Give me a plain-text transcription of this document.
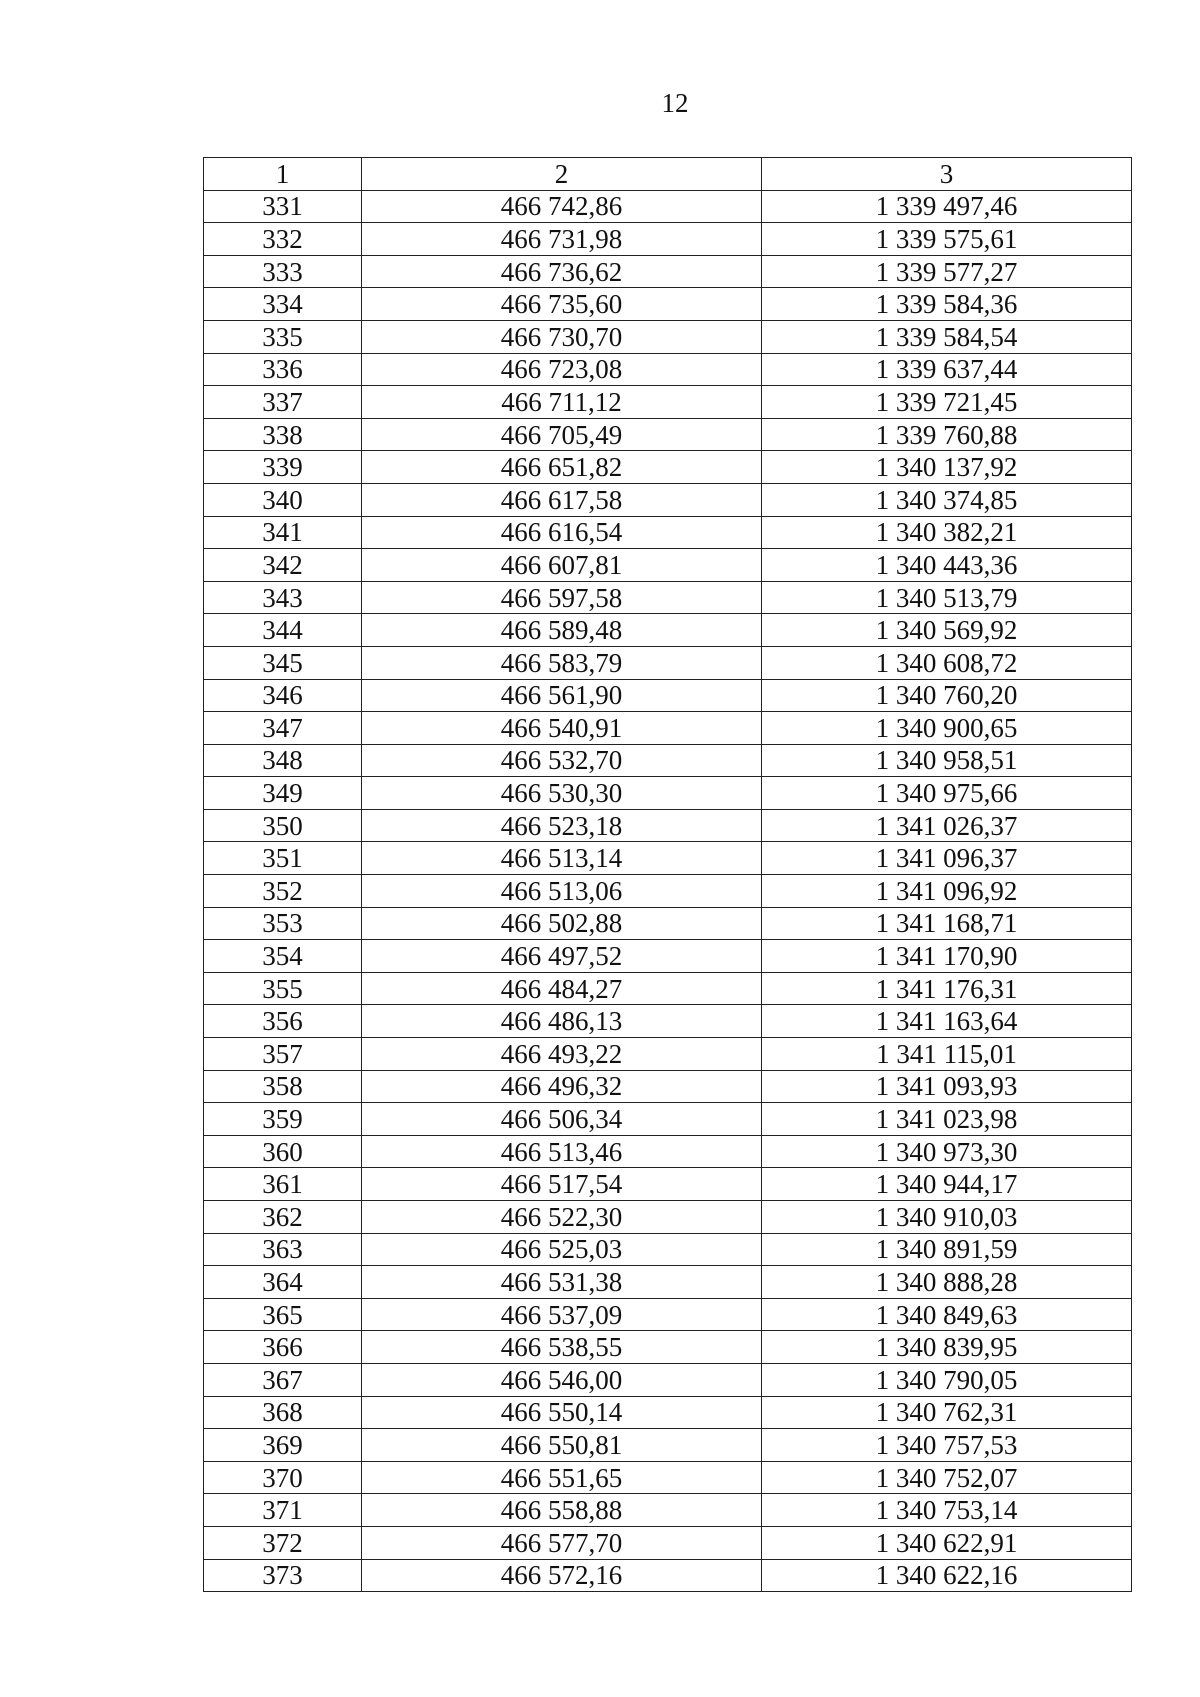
12
1	2	3
331	466 742,86	1 339 497,46
332	466 731,98	1 339 575,61
333	466 736,62	1 339 577,27
334	466 735,60	1 339 584,36
335	466 730,70	1 339 584,54
336	466 723,08	1 339 637,44
337	466 711,12	1 339 721,45
338	466 705,49	1 339 760,88
339	466 651,82	1 340 137,92
340	466 617,58	1 340 374,85
341	466 616,54	1 340 382,21
342	466 607,81	1 340 443,36
343	466 597,58	1 340 513,79
344	466 589,48	1 340 569,92
345	466 583,79	1 340 608,72
346	466 561,90	1 340 760,20
347	466 540,91	1 340 900,65
348	466 532,70	1 340 958,51
349	466 530,30	1 340 975,66
350	466 523,18	1 341 026,37
351	466 513,14	1 341 096,37
352	466 513,06	1 341 096,92
353	466 502,88	1 341 168,71
354	466 497,52	1 341 170,90
355	466 484,27	1 341 176,31
356	466 486,13	1 341 163,64
357	466 493,22	1 341 115,01
358	466 496,32	1 341 093,93
359	466 506,34	1 341 023,98
360	466 513,46	1 340 973,30
361	466 517,54	1 340 944,17
362	466 522,30	1 340 910,03
363	466 525,03	1 340 891,59
364	466 531,38	1 340 888,28
365	466 537,09	1 340 849,63
366	466 538,55	1 340 839,95
367	466 546,00	1 340 790,05
368	466 550,14	1 340 762,31
369	466 550,81	1 340 757,53
370	466 551,65	1 340 752,07
371	466 558,88	1 340 753,14
372	466 577,70	1 340 622,91
373	466 572,16	1 340 622,16
